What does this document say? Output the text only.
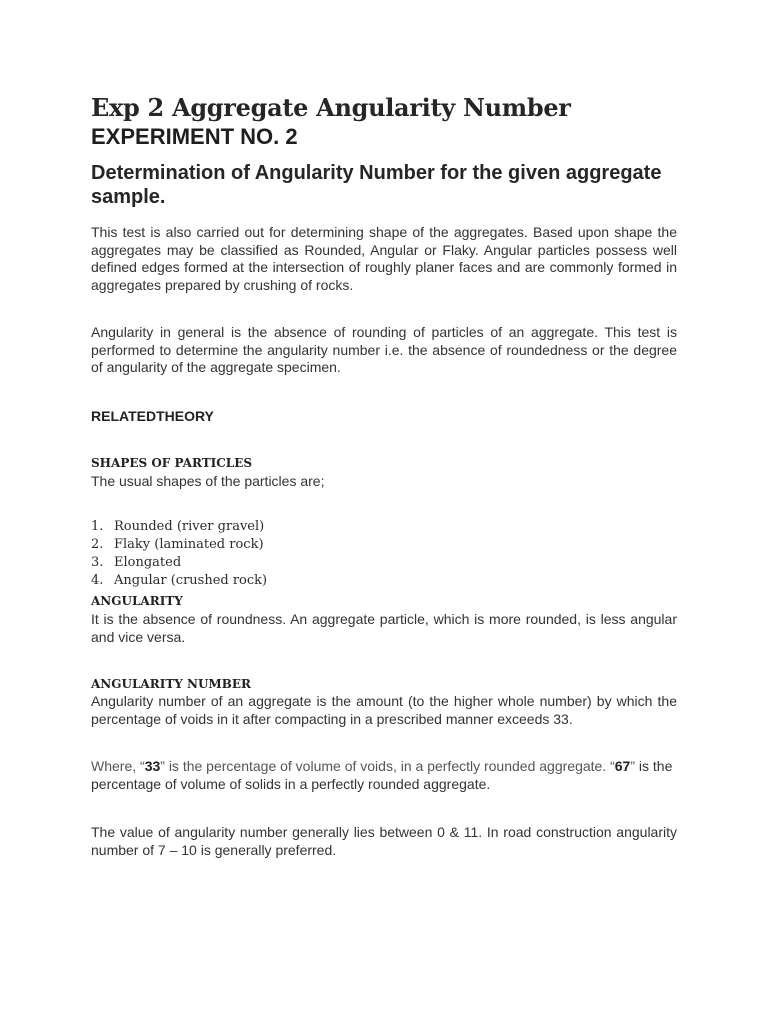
Exp 2 Aggregate Angularity Number
EXPERIMENT NO. 2
Determination of Angularity Number for the given aggregate sample.

This test is also carried out for determining shape of the aggregates. Based upon shape the aggregates may be classified as Rounded, Angular or Flaky. Angular particles possess well defined edges formed at the intersection of roughly planer faces and are commonly formed in aggregates prepared by crushing of rocks.

Angularity in general is the absence of rounding of particles of an aggregate. This test is performed to determine the angularity number i.e. the absence of roundedness or the degree of angularity of the aggregate specimen.

RELATEDTHEORY

SHAPES OF PARTICLES

The usual shapes of the particles are;

1. Rounded (river gravel)
2. Flaky (laminated rock)
3. Elongated
4. Angular (crushed rock)

ANGULARITY

It is the absence of roundness. An aggregate particle, which is more rounded, is less angular and vice versa.

ANGULARITY NUMBER

Angularity number of an aggregate is the amount (to the higher whole number) by which the percentage of voids in it after compacting in a prescribed manner exceeds 33.

Where, “33” is the percentage of volume of voids, in a perfectly rounded aggregate. “67” is the percentage of volume of solids in a perfectly rounded aggregate.

The value of angularity number generally lies between 0 & 11. In road construction angularity number of 7 – 10 is generally preferred.
